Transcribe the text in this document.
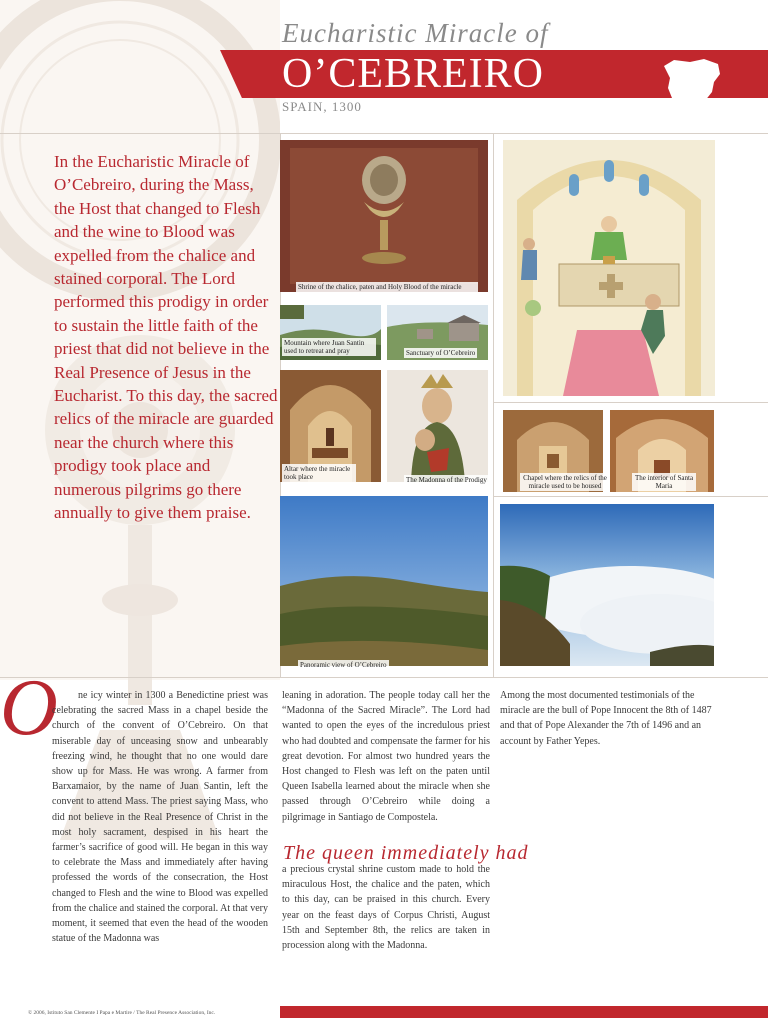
Eucharistic Miracle of
O’CEBREIRO
SPAIN, 1300
In the Eucharistic Miracle of O’Cebreiro, during the Mass, the Host that changed to Flesh and the wine to Blood was expelled from the chalice and stained corporal. The Lord performed this prodigy in order to sustain the little faith of the priest that did not believe in the Real Presence of Jesus in the Eucharist. To this day, the sacred relics of the miracle are guarded near the church where this prodigy took place and numerous pilgrims go there annually to give them praise.
Shrine of the chalice, paten and Holy Blood of the miracle
Mountain where Juan Santin used to retreat and pray	Sanctuary of O’Cebreiro
Altar where the miracle took place	The Madonna of the Prodigy	Chapel where the relics of the miracle used to be housed
The interior of Santa Maria
Panoramic view of O’Cebreiro
O	ne icy winter in 1300 a Benedictine priest was celebrating the sacred Mass in a chapel beside the church of the convent of O’Cebreiro. On that miserable day of unceasing snow and unbearably freezing wind, he thought that no one would dare show up for Mass. He was wrong. A farmer from Barxamaior, by the name of Juan Santin, left the convent to attend Mass. The priest saying Mass, who did not believe in the Real Presence of Christ in the most holy sacrament, despised in his heart the farmer’s sacrifice of good will. He began in this way to celebrate the Mass and immediately after having professed the words of the consecration, the Host changed to Flesh and the wine to Blood was expelled from the chalice and stained the corporal. At that very moment, it seemed that even the head of the wooden statue of the Madonna was
leaning in adoration. The people today call her the “Madonna of the Sacred Miracle”. The Lord had wanted to open the eyes of the incredulous priest who had doubted and compensate the farmer for his great devotion. For almost two hundred years the Host changed to Flesh was left on the paten until Queen Isabella learned about the miracle when she passed through O’Cebreiro while doing a pilgrimage in Santiago de Compostela.
The queen immediately had
a precious crystal shrine custom made to hold the miraculous Host, the chalice and the paten, which to this day, can be praised in this church. Every year on the feast days of Corpus Christi, August 15th and September 8th, the relics are taken in procession along with the Madonna.
Among the most documented testimonials of the miracle are the bull of Pope Innocent the 8th of 1487 and that of Pope Alexander the 7th of 1496 and an account by Father Yepes.
© 2006, Istituto San Clemente I Papa e Martire / The Real Presence Association, Inc.
